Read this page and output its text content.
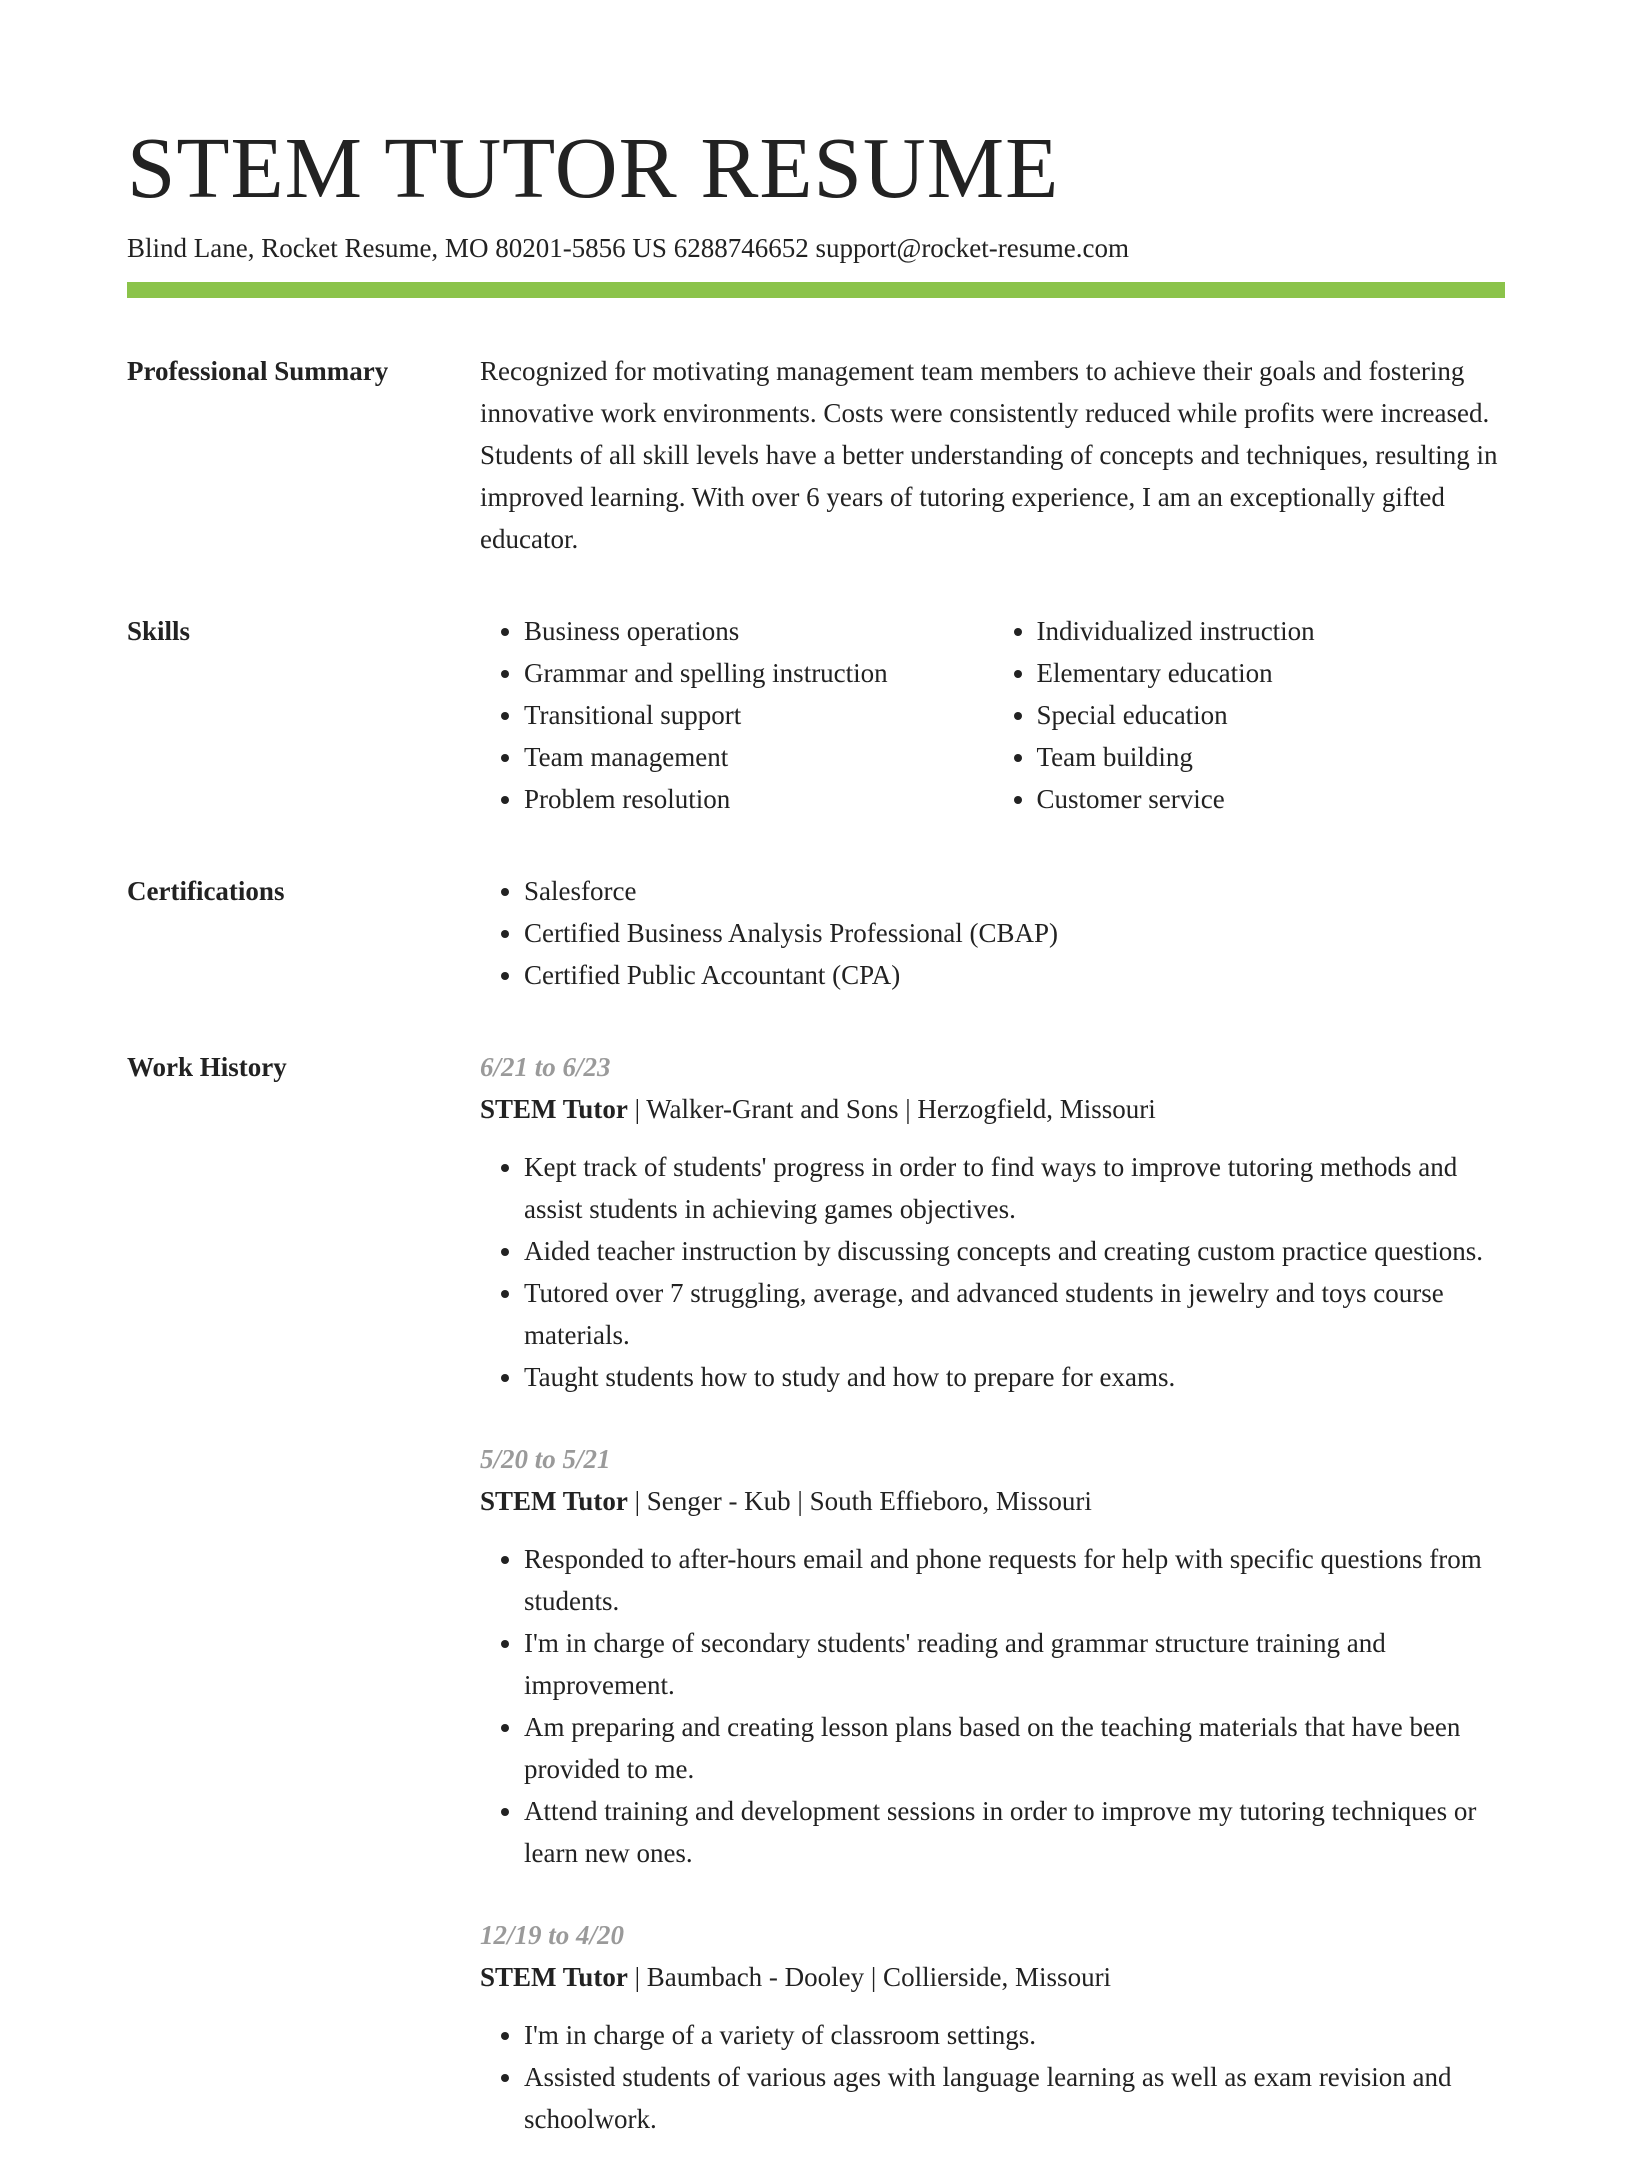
STEM TUTOR RESUME
Blind Lane, Rocket Resume, MO 80201-5856 US 6288746652 support@rocket-resume.com
Professional Summary	Recognized for motivating management team members to achieve their goals and fostering innovative work environments. Costs were consistently reduced while profits were increased. Students of all skill levels have a better understanding of concepts and techniques, resulting in improved learning. With over 6 years of tutoring experience, I am an exceptionally gifted educator.

Skills	• Business operations
• Grammar and spelling instruction
• Transitional support
• Team management
• Problem resolution
• Individualized instruction
• Elementary education
• Special education
• Team building
• Customer service
Certifications	• Salesforce
• Certified Business Analysis Professional (CBAP)
• Certified Public Accountant (CPA)
Work History	6/21 to 6/23
STEM Tutor | Walker-Grant and Sons | Herzogfield, Missouri
• Kept track of students' progress in order to find ways to improve tutoring methods and assist students in achieving games objectives.
• Aided teacher instruction by discussing concepts and creating custom practice questions.
• Tutored over 7 struggling, average, and advanced students in jewelry and toys course materials.
• Taught students how to study and how to prepare for exams.
5/20 to 5/21
STEM Tutor | Senger - Kub | South Effieboro, Missouri
• Responded to after-hours email and phone requests for help with specific questions from students.
• I'm in charge of secondary students' reading and grammar structure training and improvement.
• Am preparing and creating lesson plans based on the teaching materials that have been provided to me.
• Attend training and development sessions in order to improve my tutoring techniques or learn new ones.
12/19 to 4/20
STEM Tutor | Baumbach - Dooley | Collierside, Missouri
• I'm in charge of a variety of classroom settings.
• Assisted students of various ages with language learning as well as exam revision and schoolwork.
